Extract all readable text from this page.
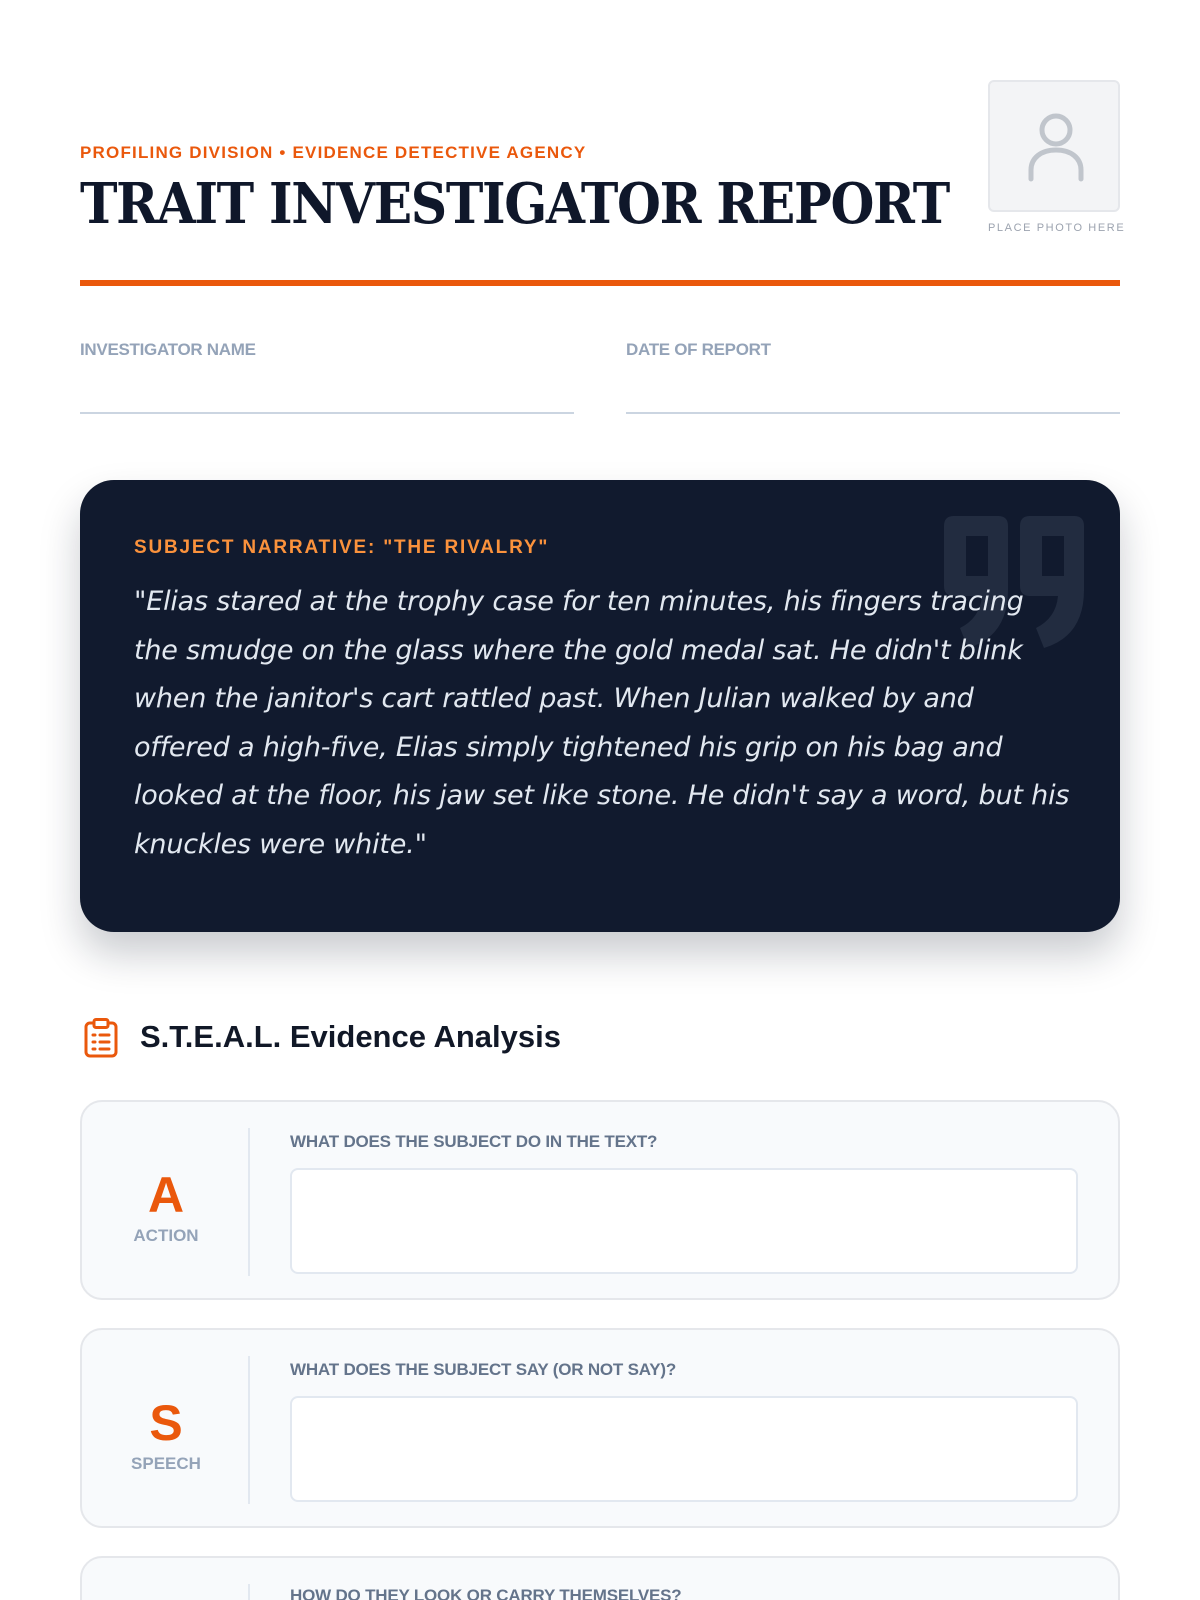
PROFILING DIVISION • EVIDENCE DETECTIVE AGENCY
TRAIT INVESTIGATOR REPORT	PLACE PHOTO HERE
INVESTIGATOR NAME	DATE OF REPORT
SUBJECT NARRATIVE: "THE RIVALRY"
"Elias stared at the trophy case for ten minutes, his fingers tracing the smudge on the glass where the gold medal sat. He didn't blink when the janitor's cart rattled past. When Julian walked by and offered a high-five, Elias simply tightened his grip on his bag and looked at the floor, his jaw set like stone. He didn't say a word, but his knuckles were white."
S.T.E.A.L. Evidence Analysis
A
ACTION
WHAT DOES THE SUBJECT DO IN THE TEXT?
S
SPEECH
WHAT DOES THE SUBJECT SAY (OR NOT SAY)?
HOW DO THEY LOOK OR CARRY THEMSELVES?
